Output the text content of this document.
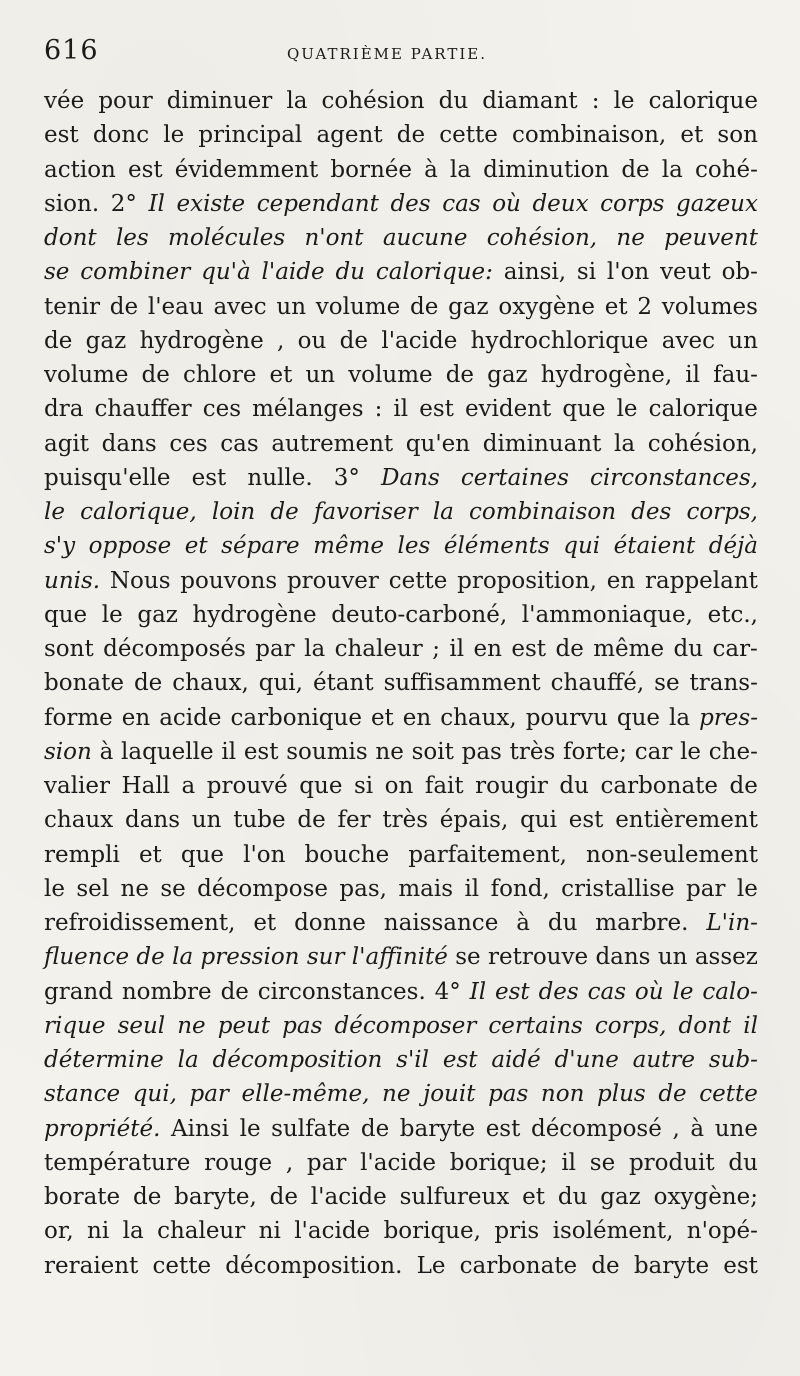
616	QUATRIÈME PARTIE.
vée pour diminuer la cohésion du diamant : le calorique
est donc le principal agent de cette combinaison, et son
action est évidemment bornée à la diminution de la cohé-
sion. 2° Il existe cependant des cas où deux corps gazeux
dont les molécules n'ont aucune cohésion, ne peuvent
se combiner qu'à l'aide du calorique: ainsi, si l'on veut ob-
tenir de l'eau avec un volume de gaz oxygène et 2 volumes
de gaz hydrogène , ou de l'acide hydrochlorique avec un
volume de chlore et un volume de gaz hydrogène, il fau-
dra chauffer ces mélanges : il est evident que le calorique
agit dans ces cas autrement qu'en diminuant la cohésion,
puisqu'elle est nulle. 3° Dans certaines circonstances,
le calorique, loin de favoriser la combinaison des corps,
s'y oppose et sépare même les éléments qui étaient déjà
unis. Nous pouvons prouver cette proposition, en rappelant
que le gaz hydrogène deuto-carboné, l'ammoniaque, etc.,
sont décomposés par la chaleur ; il en est de même du car-
bonate de chaux, qui, étant suffisamment chauffé, se trans-
forme en acide carbonique et en chaux, pourvu que la pres-
sion à laquelle il est soumis ne soit pas très forte; car le che-
valier Hall a prouvé que si on fait rougir du carbonate de
chaux dans un tube de fer très épais, qui est entièrement
rempli et que l'on bouche parfaitement, non-seulement
le sel ne se décompose pas, mais il fond, cristallise par le
refroidissement, et donne naissance à du marbre. L'in-
fluence de la pression sur l'affinité se retrouve dans un assez
grand nombre de circonstances. 4° Il est des cas où le calo-
rique seul ne peut pas décomposer certains corps, dont il
détermine la décomposition s'il est aidé d'une autre sub-
stance qui, par elle-même, ne jouit pas non plus de cette
propriété. Ainsi le sulfate de baryte est décomposé , à une
température rouge , par l'acide borique; il se produit du
borate de baryte, de l'acide sulfureux et du gaz oxygène;
or, ni la chaleur ni l'acide borique, pris isolément, n'opé-
reraient cette décomposition. Le carbonate de baryte est
